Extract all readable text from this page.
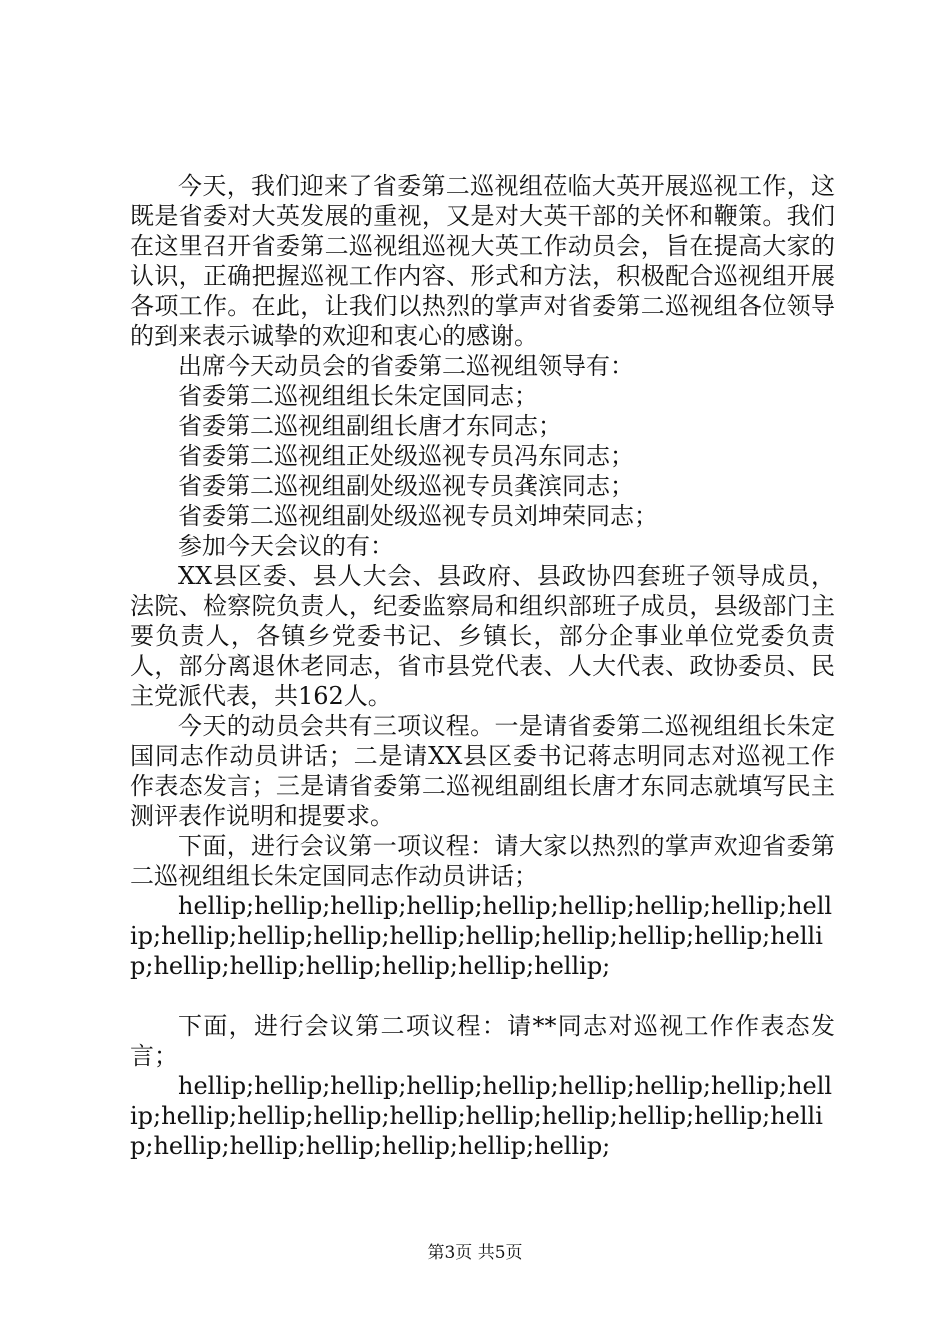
今天，我们迎来了省委第二巡视组莅临大英开展巡视工作，这既是省委对大英发展的重视，又是对大英干部的关怀和鞭策。我们在这里召开省委第二巡视组巡视大英工作动员会，旨在提高大家的认识，正确把握巡视工作内容、形式和方法，积极配合巡视组开展各项工作。在此，让我们以热烈的掌声对省委第二巡视组各位领导的到来表示诚挚的欢迎和衷心的感谢。

出席今天动员会的省委第二巡视组领导有：

省委第二巡视组组长朱定国同志；

省委第二巡视组副组长唐才东同志；

省委第二巡视组正处级巡视专员冯东同志；

省委第二巡视组副处级巡视专员龚滨同志；

省委第二巡视组副处级巡视专员刘坤荣同志；

参加今天会议的有：

XX县区委、县人大会、县政府、县政协四套班子领导成员，法院、检察院负责人，纪委监察局和组织部班子成员，县级部门主要负责人，各镇乡党委书记、乡镇长，部分企事业单位党委负责人，部分离退休老同志，省市县党代表、人大代表、政协委员、民主党派代表，共162人。

今天的动员会共有三项议程。一是请省委第二巡视组组长朱定国同志作动员讲话；二是请XX县区委书记蒋志明同志对巡视工作作表态发言；三是请省委第二巡视组副组长唐才东同志就填写民主测评表作说明和提要求。

下面，进行会议第一项议程：请大家以热烈的掌声欢迎省委第二巡视组组长朱定国同志作动员讲话；

hellip;hellip;hellip;hellip;hellip;hellip;hellip;hellip;hellip;hellip;hellip;hellip;hellip;hellip;hellip;hellip;hellip;hellip;hellip;hellip;hellip;hellip;hellip;hellip;

下面，进行会议第二项议程：请**同志对巡视工作作表态发言；

hellip;hellip;hellip;hellip;hellip;hellip;hellip;hellip;hellip;hellip;hellip;hellip;hellip;hellip;hellip;hellip;hellip;hellip;hellip;hellip;hellip;hellip;hellip;hellip;

第3页 共5页
